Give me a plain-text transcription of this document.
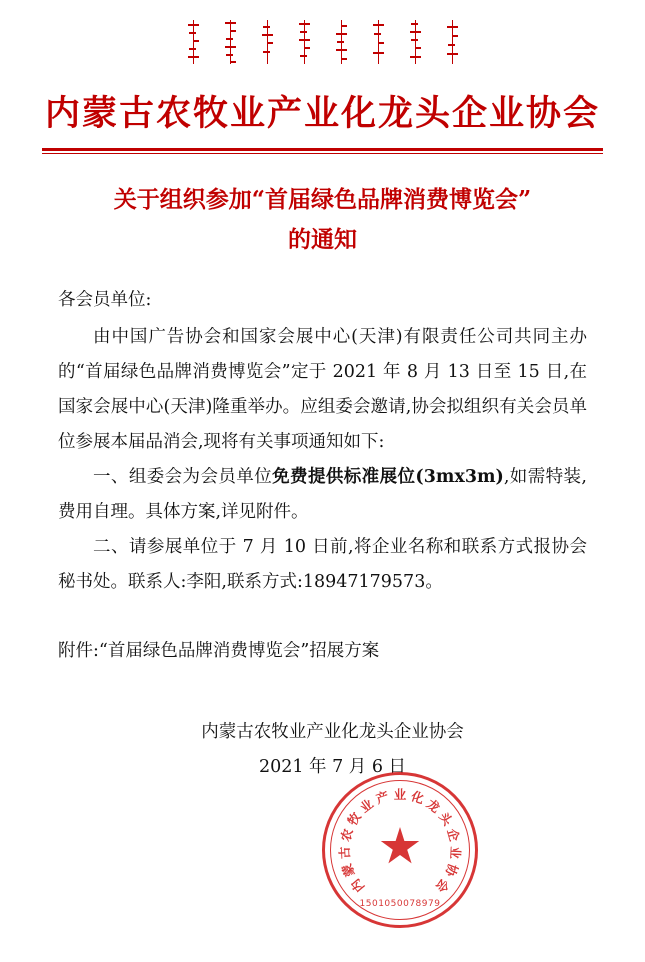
内蒙古农牧业产业化龙头企业协会
关于组织参加“首届绿色品牌消费博览会”
的通知
各会员单位:
由中国广告协会和国家会展中心(天津)有限责任公司共同主办的“首届绿色品牌消费博览会”定于 2021 年 8 月 13 日至 15 日,在国家会展中心(天津)隆重举办。应组委会邀请,协会拟组织有关会员单位参展本届品消会,现将有关事项通知如下:
一、组委会为会员单位免费提供标准展位(3mx3m),如需特装,费用自理。具体方案,详见附件。
二、请参展单位于 7 月 10 日前,将企业名称和联系方式报协会秘书处。联系人:李阳,联系方式:18947179573。
附件:“首届绿色品牌消费博览会”招展方案
内蒙古农牧业产业化龙头企业协会
2021 年 7 月 6 日
内
蒙
古
农
牧
业
产 业 化
龙
头
企
业
协
会
1501050078979
